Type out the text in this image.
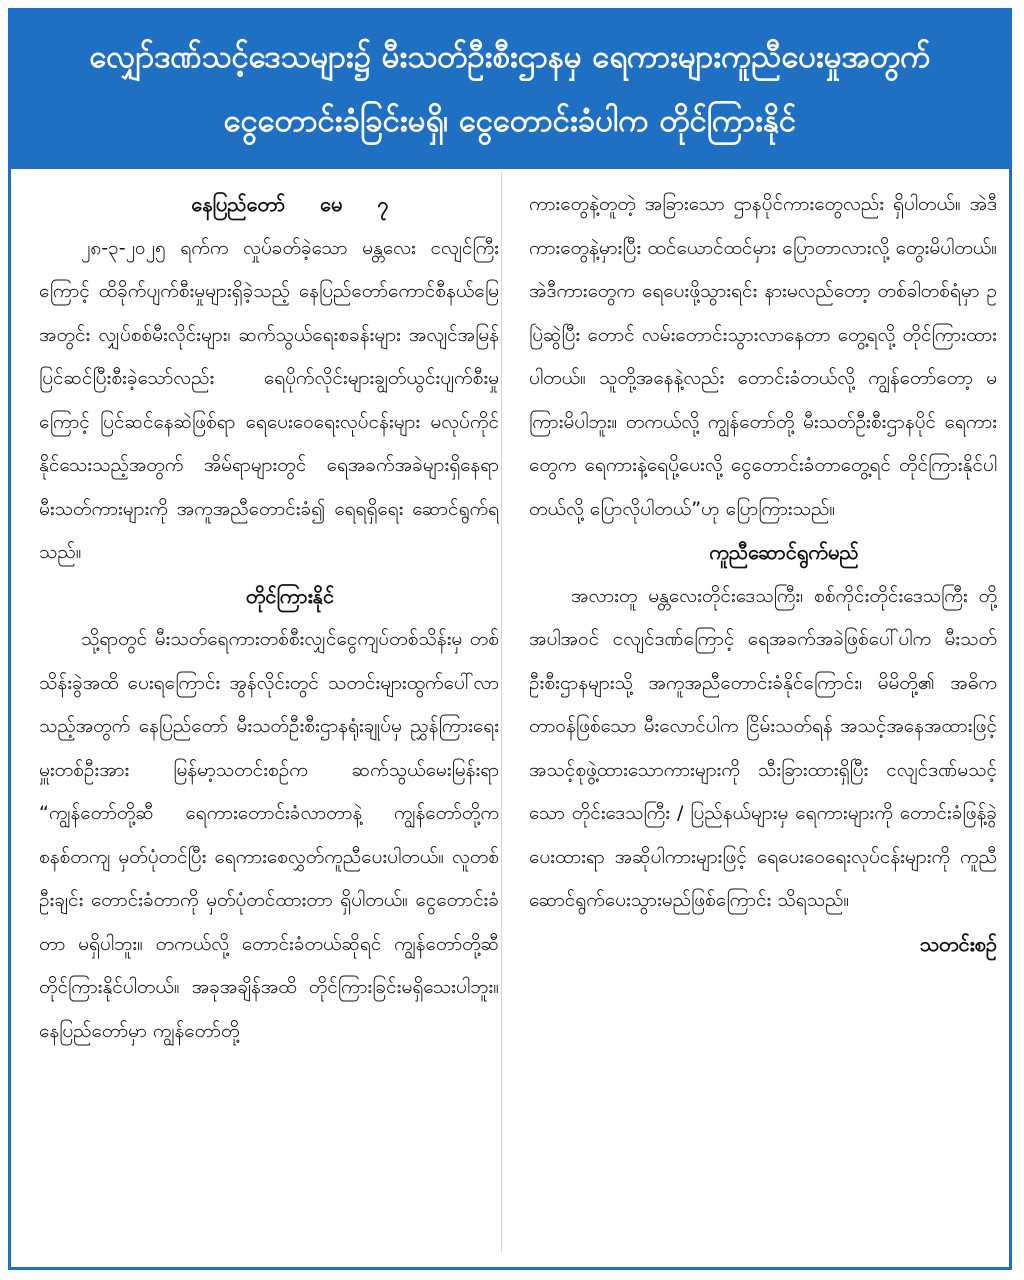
လျှော်ဒဏ်သင့်ဒေသများ၌ မီးသတ်ဦးစီးဌာနမှ ရေကားများကူညီပေးမှုအတွက်
ငွေတောင်းခံခြင်းမရှိ၊ ငွေတောင်းခံပါက တိုင်ကြားနိုင်

နေပြည်တော် မေ ၇

၂၈-၃-၂၀၂၅ ရက်က လှုပ်ခတ်ခဲ့သော မန္တလေး ငလျင်ကြီးကြောင့် ထိခိုက်ပျက်စီးမှုများရှိခဲ့သည့် နေပြည်တော်ကောင်စီနယ်မြေအတွင်း လျှပ်စစ်မီးလိုင်းများ၊ ဆက်သွယ်ရေးစခန်းများ အလျင်အမြန်ပြင်ဆင်ပြီးစီးခဲ့သော်လည်း ရေပိုက်လိုင်းများချွတ်ယွင်းပျက်စီးမှုကြောင့် ပြင်ဆင်နေဆဲဖြစ်ရာ ရေပေးဝေရေးလုပ်ငန်းများ မလုပ်ကိုင်နိုင်သေးသည့်အတွက် အိမ်ရာများတွင် ရေအခက်အခဲများရှိနေရာ မီးသတ်ကားများကို အကူအညီတောင်းခံ၍ ရေရရှိရေး ဆောင်ရွက်ရသည်။

တိုင်ကြားနိုင်

သို့ရာတွင် မီးသတ်ရေကားတစ်စီးလျှင်ငွေကျပ်တစ်သိန်းမှ တစ်သိန်းခွဲအထိ ပေးရကြောင်း အွန်လိုင်းတွင် သတင်းများထွက်ပေါ်လာသည့်အတွက် နေပြည်တော် မီးသတ်ဦးစီးဌာနရုံးချုပ်မှ ညွှန်ကြားရေးမှူးတစ်ဦးအား မြန်မာ့သတင်းစဉ်က ဆက်သွယ်မေးမြန်းရာ “ကျွန်တော်တို့ဆီ ရေကားတောင်းခံလာတာနဲ့ ကျွန်တော်တို့က စနစ်တကျ မှတ်ပုံတင်ပြီး ရေကားစေလွှတ်ကူညီပေးပါတယ်။ လူတစ်ဦးချင်း တောင်းခံတာကို မှတ်ပုံတင်ထားတာ ရှိပါတယ်။ ငွေတောင်းခံတာ မရှိပါဘူး။ တကယ်လို့ တောင်းခံတယ်ဆိုရင် ကျွန်တော်တို့ဆီ တိုင်ကြားနိုင်ပါတယ်။ အခုအချိန်အထိ တိုင်ကြားခြင်းမရှိသေးပါဘူး။ နေပြည်တော်မှာ ကျွန်တော်တို့

ကားတွေနဲ့တူတဲ့ အခြားသော ဌာနပိုင်ကားတွေလည်း ရှိပါတယ်။ အဲဒီကားတွေနဲ့မှားပြီး ထင်ယောင်ထင်မှား ပြောတာလားလို့ တွေးမိပါတယ်။ အဲဒီကားတွေက ရေပေးဖို့သွားရင်း နားမလည်တော့ တစ်ခါတစ်ရံမှာ ဥပြဲဆွဲပြီး တောင် လမ်းတောင်းသွားလာနေတာ တွေ့ရလို့ တိုင်ကြားထားပါတယ်။ သူတို့အနေနဲ့လည်း တောင်းခံတယ်လို့ ကျွန်တော်တော့ မကြားမိပါဘူး။ တကယ်လို့ ကျွန်တော်တို့ မီးသတ်ဦးစီးဌာနပိုင် ရေကားတွေက ရေကားနဲ့ရေပို့ပေးလို့ ငွေတောင်းခံတာတွေ့ရင် တိုင်ကြားနိုင်ပါတယ်လို့ ပြောလိုပါတယ်”ဟု ပြောကြားသည်။

ကူညီဆောင်ရွက်မည်

အလားတူ မန္တလေးတိုင်းဒေသကြီး၊ စစ်ကိုင်းတိုင်းဒေသကြီး တို့အပါအဝင် ငလျင်ဒဏ်ကြောင့် ရေအခက်အခဲဖြစ်ပေါ်ပါက မီးသတ်ဦးစီးဌာနများသို့ အကူအညီတောင်းခံနိုင်ကြောင်း၊ မိမိတို့၏ အဓိကတာဝန်ဖြစ်သော မီးလောင်ပါက ငြိမ်းသတ်ရန် အသင့်အနေအထားဖြင့် အသင့်စုဖွဲ့ထားသောကားများကို သီးခြားထားရှိပြီး ငလျင်ဒဏ်မသင့်သော တိုင်းဒေသကြီး / ပြည်နယ်များမှ ရေကားများကို တောင်းခံဖြန့်ခွဲပေးထားရာ အဆိုပါကားများဖြင့် ရေပေးဝေရေးလုပ်ငန်းများကို ကူညီဆောင်ရွက်ပေးသွားမည်ဖြစ်ကြောင်း သိရသည်။

သတင်းစဉ်
